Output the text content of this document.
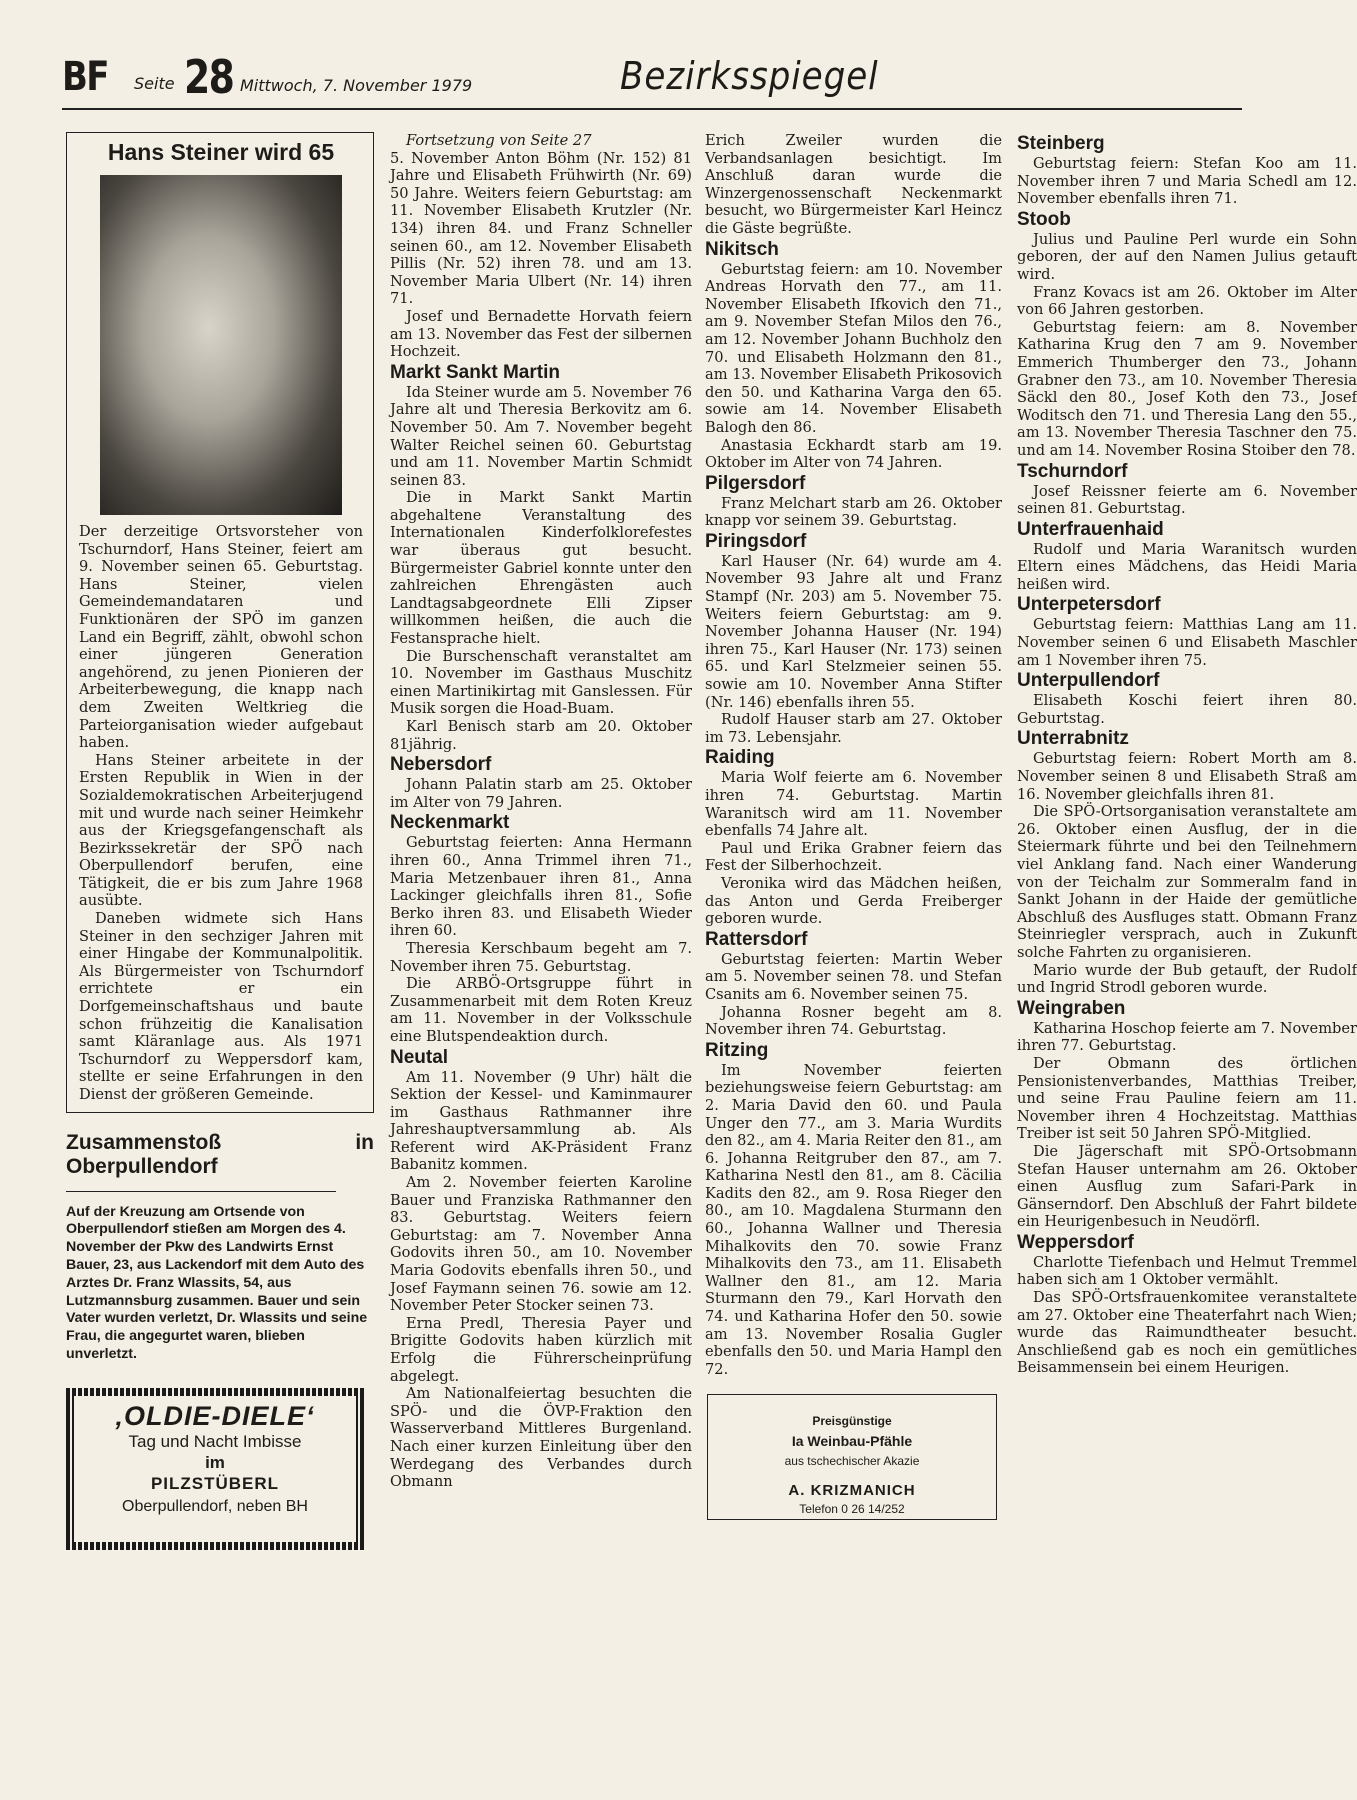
BF Seite 28 Mittwoch, 7. November 1979	Bezirksspiegel
Hans Steiner wird 65

Der derzeitige Ortsvorsteher von Tschurndorf, Hans Steiner, feiert am 9. November seinen 65. Geburtstag. Hans Steiner, vielen Gemeindemandataren und Funktionären der SPÖ im ganzen Land ein Begriff, zählt, obwohl schon einer jüngeren Generation angehörend, zu jenen Pionieren der Arbeiterbewegung, die knapp nach dem Zweiten Weltkrieg die Parteiorganisation wieder aufgebaut haben.

Hans Steiner arbeitete in der Ersten Republik in Wien in der Sozialdemokratischen Arbeiterjugend mit und wurde nach seiner Heimkehr aus der Kriegsgefangenschaft als Bezirkssekretär der SPÖ nach Oberpullendorf berufen, eine Tätigkeit, die er bis zum Jahre 1968 ausübte.

Daneben widmete sich Hans Steiner in den sechziger Jahren mit einer Hingabe der Kommunalpolitik. Als Bürgermeister von Tschurndorf errichtete er ein Dorfgemeinschaftshaus und baute schon frühzeitig die Kanalisation samt Kläranlage aus. Als 1971 Tschurndorf zu Weppersdorf kam, stellte er seine Erfahrungen in den Dienst der größeren Gemeinde.

Zusammenstoß in Oberpullendorf

Auf der Kreuzung am Ortsende von Oberpullendorf stießen am Morgen des 4. November der Pkw des Landwirts Ernst Bauer, 23, aus Lackendorf mit dem Auto des Arztes Dr. Franz Wlassits, 54, aus Lutzmannsburg zusammen. Bauer und sein Vater wurden verletzt, Dr. Wlassits und seine Frau, die angegurtet waren, blieben unverletzt.

‚OLDIE-DIELE‘
Tag und Nacht Imbisse
im
PILZSTÜBERL
Oberpullendorf, neben BH

Fortsetzung von Seite 27

5. November Anton Böhm (Nr. 152) 81 Jahre und Elisabeth Frühwirth (Nr. 69) 50 Jahre. Weiters feiern Geburtstag: am 11. November Elisabeth Krutzler (Nr. 134) ihren 84. und Franz Schneller seinen 60., am 12. November Elisabeth Pillis (Nr. 52) ihren 78. und am 13. November Maria Ulbert (Nr. 14) ihren 71.

Josef und Bernadette Horvath feiern am 13. November das Fest der silbernen Hochzeit.

Markt Sankt Martin

Ida Steiner wurde am 5. November 76 Jahre alt und Theresia Berkovitz am 6. November 50. Am 7. November begeht Walter Reichel seinen 60. Geburtstag und am 11. November Martin Schmidt seinen 83.

Die in Markt Sankt Martin abgehaltene Veranstaltung des Internationalen Kinderfolklorefestes war überaus gut besucht. Bürgermeister Gabriel konnte unter den zahlreichen Ehrengästen auch Landtagsabgeordnete Elli Zipser willkommen heißen, die auch die Festansprache hielt.

Die Burschenschaft veranstaltet am 10. November im Gasthaus Muschitz einen Martinikirtag mit Ganslessen. Für Musik sorgen die Hoad-Buam.

Karl Benisch starb am 20. Oktober 81jährig.

Nebersdorf

Johann Palatin starb am 25. Oktober im Alter von 79 Jahren.

Neckenmarkt

Geburtstag feierten: Anna Hermann ihren 60., Anna Trimmel ihren 71., Maria Metzenbauer ihren 81., Anna Lackinger gleichfalls ihren 81., Sofie Berko ihren 83. und Elisabeth Wieder ihren 60.

Theresia Kerschbaum begeht am 7. November ihren 75. Geburtstag.

Die ARBÖ-Ortsgruppe führt in Zusammenarbeit mit dem Roten Kreuz am 11. November in der Volksschule eine Blutspendeaktion durch.

Neutal

Am 11. November (9 Uhr) hält die Sektion der Kessel- und Kaminmaurer im Gasthaus Rathmanner ihre Jahreshauptversammlung ab. Als Referent wird AK-Präsident Franz Babanitz kommen.

Am 2. November feierten Karoline Bauer und Franziska Rathmanner den 83. Geburtstag. Weiters feiern Geburtstag: am 7. November Anna Godovits ihren 50., am 10. November Maria Godovits ebenfalls ihren 50., und Josef Faymann seinen 76. sowie am 12. November Peter Stocker seinen 73.

Erna Predl, Theresia Payer und Brigitte Godovits haben kürzlich mit Erfolg die Führerscheinprüfung abgelegt.

Am Nationalfeiertag besuchten die SPÖ- und die ÖVP-Fraktion den Wasserverband Mittleres Burgenland. Nach einer kurzen Einleitung über den Werdegang des Verbandes durch Obmann

Erich Zweiler wurden die Verbandsanlagen besichtigt. Im Anschluß daran wurde die Winzergenossenschaft Neckenmarkt besucht, wo Bürgermeister Karl Heincz die Gäste begrüßte.

Nikitsch

Geburtstag feiern: am 10. November Andreas Horvath den 77., am 11. November Elisabeth Ifkovich den 71., am 9. November Stefan Milos den 76., am 12. November Johann Buchholz den 70. und Elisabeth Holzmann den 81., am 13. November Elisabeth Prikosovich den 50. und Katharina Varga den 65. sowie am 14. November Elisabeth Balogh den 86.

Anastasia Eckhardt starb am 19. Oktober im Alter von 74 Jahren.

Pilgersdorf

Franz Melchart starb am 26. Oktober knapp vor seinem 39. Geburtstag.

Piringsdorf

Karl Hauser (Nr. 64) wurde am 4. November 93 Jahre alt und Franz Stampf (Nr. 203) am 5. November 75. Weiters feiern Geburtstag: am 9. November Johanna Hauser (Nr. 194) ihren 75., Karl Hauser (Nr. 173) seinen 65. und Karl Stelzmeier seinen 55. sowie am 10. November Anna Stifter (Nr. 146) ebenfalls ihren 55.

Rudolf Hauser starb am 27. Oktober im 73. Lebensjahr.

Raiding

Maria Wolf feierte am 6. November ihren 74. Geburtstag. Martin Waranitsch wird am 11. November ebenfalls 74 Jahre alt.

Paul und Erika Grabner feiern das Fest der Silberhochzeit.

Veronika wird das Mädchen heißen, das Anton und Gerda Freiberger geboren wurde.

Rattersdorf

Geburtstag feierten: Martin Weber am 5. November seinen 78. und Stefan Csanits am 6. November seinen 75.

Johanna Rosner begeht am 8. November ihren 74. Geburtstag.

Ritzing

Im November feierten beziehungsweise feiern Geburtstag: am 2. Maria David den 60. und Paula Unger den 77., am 3. Maria Wurdits den 82., am 4. Maria Reiter den 81., am 6. Johanna Reitgruber den 87., am 7. Katharina Nestl den 81., am 8. Cäcilia Kadits den 82., am 9. Rosa Rieger den 80., am 10. Magdalena Sturmann den 60., Johanna Wallner und Theresia Mihalkovits den 70. sowie Franz Mihalkovits den 73., am 11. Elisabeth Wallner den 81., am 12. Maria Sturmann den 79., Karl Horvath den 74. und Katharina Hofer den 50. sowie am 13. November Rosalia Gugler ebenfalls den 50. und Maria Hampl den 72.

Preisgünstige
Ia Weinbau-Pfähle
aus tschechischer Akazie
A. KRIZMANICH
Telefon 0 26 14/252
Steinberg

Geburtstag feiern: Stefan Koo am 11. November ihren 7 und Maria Schedl am 12. November ebenfalls ihren 71.

Stoob

Julius und Pauline Perl wurde ein Sohn geboren, der auf den Namen Julius getauft wird.

Franz Kovacs ist am 26. Oktober im Alter von 66 Jahren gestorben.

Geburtstag feiern: am 8. November Katharina Krug den 7 am 9. November Emmerich Thumberger den 73., Johann Grabner den 73., am 10. November Theresia Säckl den 80., Josef Koth den 73., Josef Woditsch den 71. und Theresia Lang den 55., am 13. November Theresia Taschner den 75. und am 14. November Rosina Stoiber den 78.

Tschurndorf

Josef Reissner feierte am 6. November seinen 81. Geburtstag.

Unterfrauenhaid

Rudolf und Maria Waranitsch wurden Eltern eines Mädchens, das Heidi Maria heißen wird.

Unterpetersdorf

Geburtstag feiern: Matthias Lang am 11. November seinen 6 und Elisabeth Maschler am 1 November ihren 75.

Unterpullendorf

Elisabeth Koschi feiert ihren 80. Geburtstag.

Unterrabnitz

Geburtstag feiern: Robert Morth am 8. November seinen 8 und Elisabeth Straß am 16. November gleichfalls ihren 81.

Die SPÖ-Ortsorganisation veranstaltete am 26. Oktober einen Ausflug, der in die Steiermark führte und bei den Teilnehmern viel Anklang fand. Nach einer Wanderung von der Teichalm zur Sommeralm fand in Sankt Johann in der Haide der gemütliche Abschluß des Ausfluges statt. Obmann Franz Steinriegler versprach, auch in Zukunft solche Fahrten zu organisieren.

Mario wurde der Bub getauft, der Rudolf und Ingrid Strodl geboren wurde.

Weingraben

Katharina Hoschop feierte am 7. November ihren 77. Geburtstag.

Der Obmann des örtlichen Pensionistenverbandes, Matthias Treiber, und seine Frau Pauline feiern am 11. November ihren 4 Hochzeitstag. Matthias Treiber ist seit 50 Jahren SPÖ-Mitglied.

Die Jägerschaft mit SPÖ-Ortsobmann Stefan Hauser unternahm am 26. Oktober einen Ausflug zum Safari-Park in Gänserndorf. Den Abschluß der Fahrt bildete ein Heurigenbesuch in Neudörfl.

Weppersdorf

Charlotte Tiefenbach und Helmut Tremmel haben sich am 1 Oktober vermählt.

Das SPÖ-Ortsfrauenkomitee veranstaltete am 27. Oktober eine Theaterfahrt nach Wien; wurde das Raimundtheater besucht. Anschließend gab es noch ein gemütliches Beisammensein bei einem Heurigen.
